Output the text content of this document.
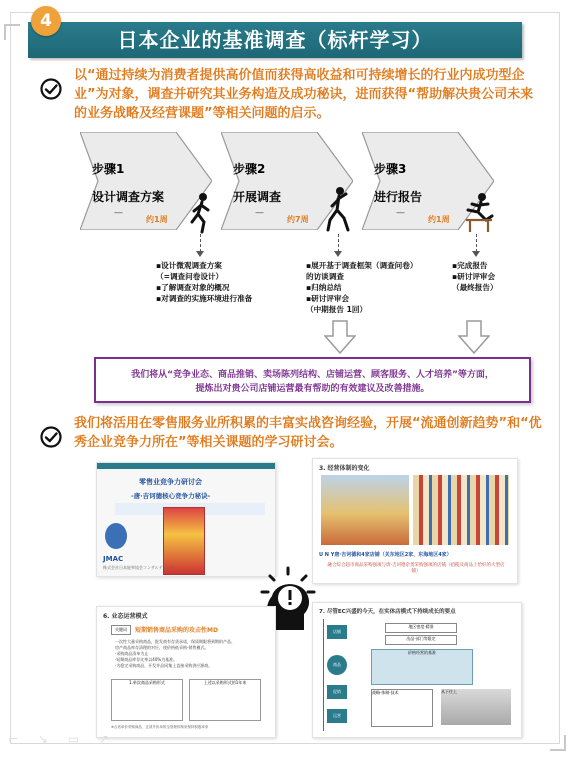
4
日本企业的基准调查（标杆学习）
以“通过持续为消费者提供高价值而获得高收益和可持续增长的行业内成功型企业”为对象，调查并研究其业务构造及成功秘诀，进而获得“帮助解决贵公司未来的业务战略及经营课题”等相关问题的启示。
步骤1
设计调查方案
—
约1周
步骤2
开展调查
—
约7周
步骤3
进行报告
—
约1周
▪设计微观调查方案
（=调查问卷设计）
▪了解调查对象的概况
▪对调查的实施环境进行准备
▪展开基于调查框架（调查问卷）
的访谈调查
▪归纳总结
▪研讨评审会
（中期报告 1回）
▪完成报告
▪研讨评审会
（最终报告）
我们将从“竞争业态、商品推销、卖场陈列结构、店铺运营、顾客服务、人才培养”等方面，
提炼出对贵公司店铺运营最有帮助的有效建议及改善措施。
我们将活用在零售服务业所积累的丰富实战咨询经验，开展“流通创新趋势”和“优秀企业竞争力所在”等相关课题的学习研讨会。
零售业竞争力研讨会
-唐·吉诃德核心竞争力秘诀-
JMAC
株式会社日本能率協会コンサルティング
3. 经营体制的变化
U N Y唐·吉诃德和4家店铺（关东地区2家、东海地区4家）
融合综合超市商品采购强项与唐·吉诃德杂货采购强项的店铺（招揽及商品上恰好的大型店铺）
6. 业态运营模式
关键词	短期销售商品采购的攻击性MD
一次性大量采购商品，批发商有存货承诺，保质期限将到期的产品、
房产商品库存清理的对应，使价格低采购-销售模式。
·采购商品清单为止
·短期商品库存比率以40%为基准。
·为稳定采购商品，开发并品同集上直接采购供应源商。
1.单次商品采购形式	上述以采购形式的1年来
※合适单价采购商品，还须外协单的全管理体制来保持积极率来
7. 尽管EC兴盛的今天，在实体店模式下持续成长的要点
店铺
商品
促销
运营
地区密度·精准
出品·部门等限定
价格经营的基准
战略·体制·技术	从下往上
⌐ ↘ ▭ ↗
